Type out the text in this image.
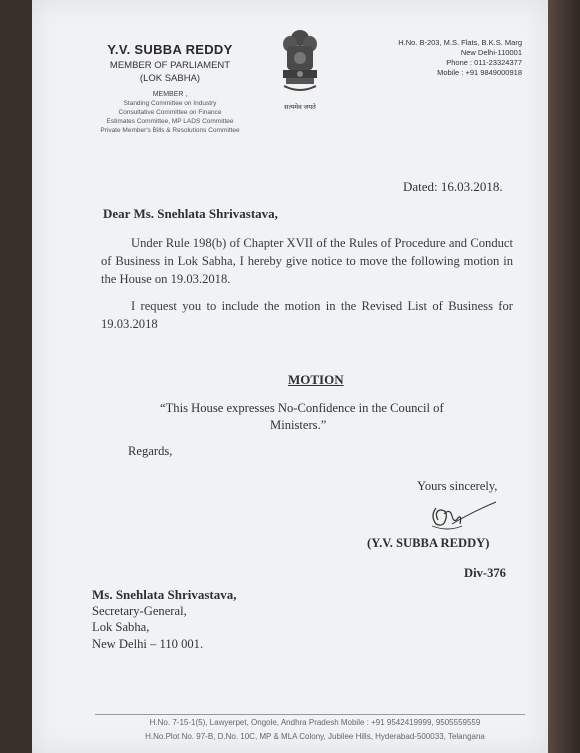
Y.V. SUBBA REDDY
MEMBER OF PARLIAMENT
(LOK SABHA)
MEMBER ,
Standing Committee on Industry
Consultative Committee on Finance
Estimates Committee, MP LADS Committee
Private Member's Bills & Resolutions Committee
सत्यमेव जयते
H.No. B-203, M.S. Flats, B.K.S. Marg
New Delhi-110001
Phone : 011-23324377
Mobile : +91 9849000918
Dated: 16.03.2018.
Dear Ms. Snehlata Shrivastava,
Under Rule 198(b) of Chapter XVII of the Rules of Procedure and Conduct of Business in Lok Sabha, I hereby give notice to move the following motion in the House on 19.03.2018.
I request you to include the motion in the Revised List of Business for 19.03.2018
MOTION
“This House expresses No-Confidence in the Council of
Ministers.”
Regards,
Yours sincerely,
(Y.V. SUBBA REDDY)
Div-376
Ms. Snehlata Shrivastava,
Secretary-General,
Lok Sabha,
New Delhi – 110 001.
H.No. 7-15-1(5), Lawyerpet, Ongole, Andhra Pradesh Mobile : +91 9542419999, 9505559559
H.No.Plot No. 97-B, D.No. 10C, MP & MLA Colony, Jubilee Hills, Hyderabad-500033, Telangana
